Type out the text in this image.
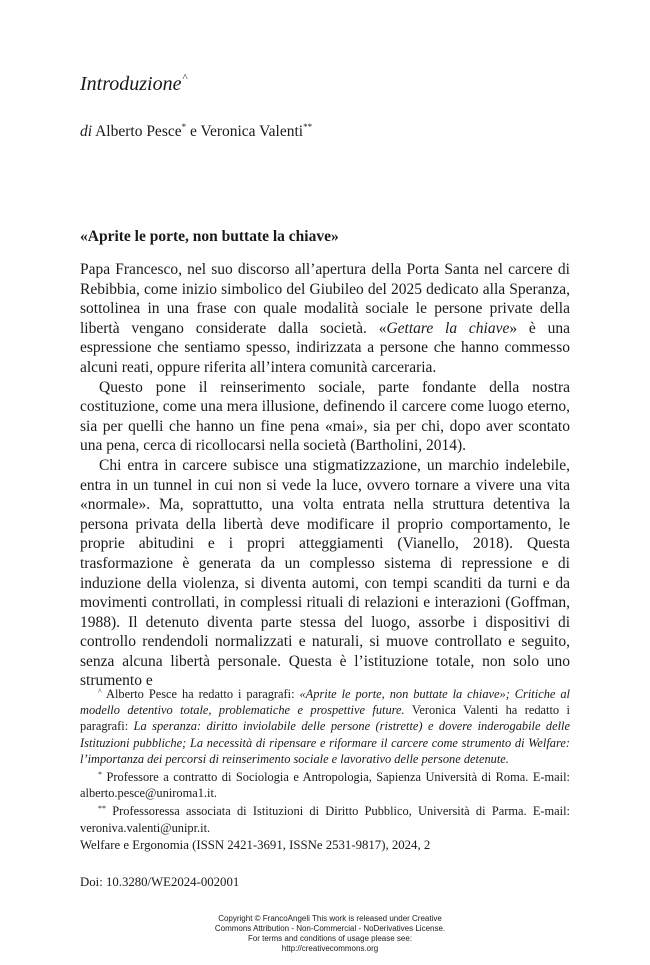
Introduzione^
di Alberto Pesce* e Veronica Valenti**
«Aprite le porte, non buttate la chiave»

Papa Francesco, nel suo discorso all’apertura della Porta Santa nel carcere di Rebibbia, come inizio simbolico del Giubileo del 2025 dedicato alla Speranza, sottolinea in una frase con quale modalità sociale le persone private della libertà vengano considerate dalla società. «Gettare la chiave» è una espressione che sentiamo spesso, indirizzata a persone che hanno commesso alcuni reati, oppure riferita all’intera comunità carceraria.

Questo pone il reinserimento sociale, parte fondante della nostra costituzione, come una mera illusione, definendo il carcere come luogo eterno, sia per quelli che hanno un fine pena «mai», sia per chi, dopo aver scontato una pena, cerca di ricollocarsi nella società (Bartholini, 2014).

Chi entra in carcere subisce una stigmatizzazione, un marchio indelebile, entra in un tunnel in cui non si vede la luce, ovvero tornare a vivere una vita «normale». Ma, soprattutto, una volta entrata nella struttura detentiva la persona privata della libertà deve modificare il proprio comportamento, le proprie abitudini e i propri atteggiamenti (Vianello, 2018). Questa trasformazione è generata da un complesso sistema di repressione e di induzione della violenza, si diventa automi, con tempi scanditi da turni e da movimenti controllati, in complessi rituali di relazioni e interazioni (Goffman, 1988). Il detenuto diventa parte stessa del luogo, assorbe i dispositivi di controllo rendendoli normalizzati e naturali, si muove controllato e seguito, senza alcuna libertà personale. Questa è l’istituzione totale, non solo uno strumento e

^ Alberto Pesce ha redatto i paragrafi: «Aprite le porte, non buttate la chiave»; Critiche al modello detentivo totale, problematiche e prospettive future. Veronica Valenti ha redatto i paragrafi: La speranza: diritto inviolabile delle persone (ristrette) e dovere inderogabile delle Istituzioni pubbliche; La necessità di ripensare e riformare il carcere come strumento di Welfare: l’importanza dei percorsi di reinserimento sociale e lavorativo delle persone detenute.

* Professore a contratto di Sociologia e Antropologia, Sapienza Università di Roma. E-mail: alberto.pesce@uniroma1.it.

** Professoressa associata di Istituzioni di Diritto Pubblico, Università di Parma. E-mail: veroniva.valenti@unipr.it.

Welfare e Ergonomia (ISSN 2421-3691, ISSNe 2531-9817), 2024, 2
Doi: 10.3280/WE2024-002001
Copyright © FrancoAngeli This work is released under Creative
Commons Attribution - Non-Commercial - NoDerivatives License.
For terms and conditions of usage please see:
http://creativecommons.org
